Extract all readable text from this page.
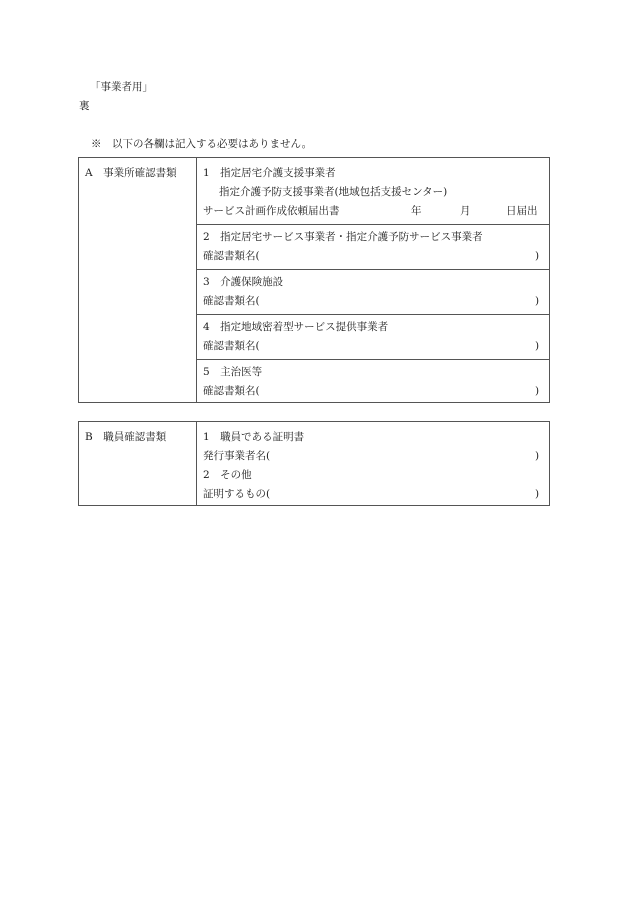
「事業者用」
裏
※　以下の各欄は記入する必要はありません。
A　事業所確認書類	1　指定居宅介護支援事業者
指定介護予防支援事業者(地域包括支援センター)
サービス計画作成依頼届出書	年	月	日届出
2　指定居宅サービス事業者・指定介護予防サービス事業者
確認書類名(	)
3　介護保険施設
確認書類名(	)
4　指定地域密着型サービス提供事業者
確認書類名(	)
5　主治医等
確認書類名(	)
B　職員確認書類	1　職員である証明書
発行事業者名(	)
2　その他
証明するもの(	)
